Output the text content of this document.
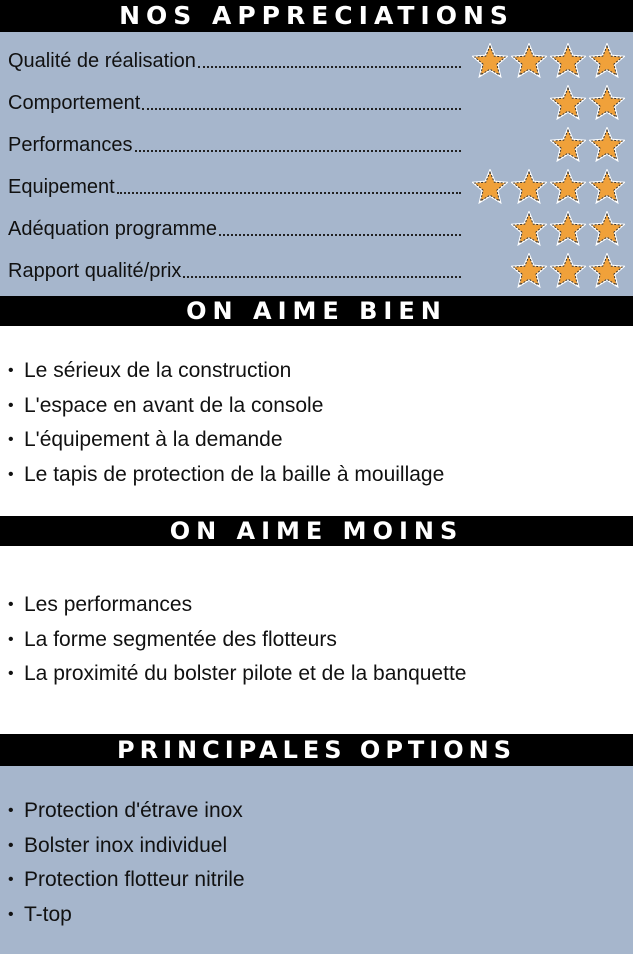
NOS APPRECIATIONS
Qualité de réalisation
Comportement
Performances
Equipement
Adéquation programme
Rapport qualité/prix
ON AIME BIEN
• Le sérieux de la construction
• L'espace en avant de la console
• L'équipement à la demande
• Le tapis de protection de la baille à mouillage
ON AIME MOINS
• Les performances
• La forme segmentée des flotteurs
• La proximité du bolster pilote et de la banquette
PRINCIPALES OPTIONS
• Protection d'étrave inox
• Bolster inox individuel
• Protection flotteur nitrile
• T-top
